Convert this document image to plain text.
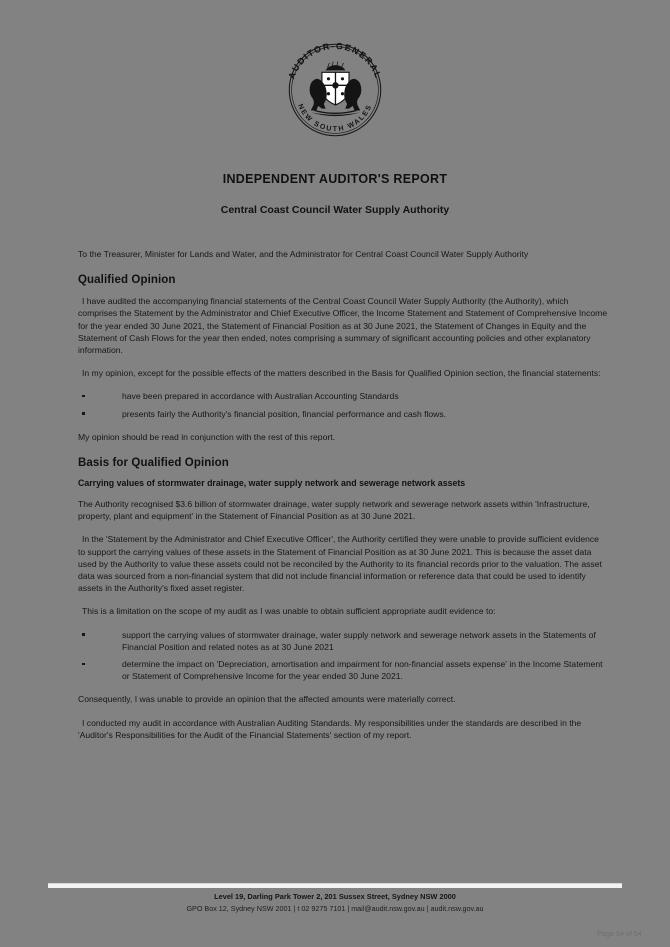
AUDITOR-GENERAL
NEW SOUTH WALES
INDEPENDENT AUDITOR'S REPORT
Central Coast Council Water Supply Authority

To the Treasurer, Minister for Lands and Water, and the Administrator for Central Coast Council Water Supply Authority

Qualified Opinion

I have audited the accompanying financial statements of the Central Coast Council Water Supply Authority (the Authority), which comprises the Statement by the Administrator and Chief Executive Officer, the Income Statement and Statement of Comprehensive Income for the year ended 30 June 2021, the Statement of Financial Position as at 30 June 2021, the Statement of Changes in Equity and the Statement of Cash Flows for the year then ended, notes comprising a summary of significant accounting policies and other explanatory information.

In my opinion, except for the possible effects of the matters described in the Basis for Qualified Opinion section, the financial statements:

have been prepared in accordance with Australian Accounting Standards
presents fairly the Authority's financial position, financial performance and cash flows.

My opinion should be read in conjunction with the rest of this report.

Basis for Qualified Opinion
Carrying values of stormwater drainage, water supply network and sewerage network assets

The Authority recognised $3.6 billion of stormwater drainage, water supply network and sewerage network assets within 'Infrastructure, property, plant and equipment' in the Statement of Financial Position as at 30 June 2021.

In the 'Statement by the Administrator and Chief Executive Officer', the Authority certified they were unable to provide sufficient evidence to support the carrying values of these assets in the Statement of Financial Position as at 30 June 2021. This is because the asset data used by the Authority to value these assets could not be reconciled by the Authority to its financial records prior to the valuation. The asset data was sourced from a non-financial system that did not include financial information or reference data that could be used to identify assets in the Authority's fixed asset register.

This is a limitation on the scope of my audit as I was unable to obtain sufficient appropriate audit evidence to:

support the carrying values of stormwater drainage, water supply network and sewerage network assets in the Statements of Financial Position and related notes as at 30 June 2021
determine the impact on 'Depreciation, amortisation and impairment for non-financial assets expense' in the Income Statement or Statement of Comprehensive Income for the year ended 30 June 2021.

Consequently, I was unable to provide an opinion that the affected amounts were materially correct.

I conducted my audit in accordance with Australian Auditing Standards. My responsibilities under the standards are described in the 'Auditor's Responsibilities for the Audit of the Financial Statements' section of my report.

Level 19, Darling Park Tower 2, 201 Sussex Street, Sydney NSW 2000
GPO Box 12, Sydney NSW 2001 | t 02 9275 7101 | mail@audit.nsw.gov.au | audit.nsw.gov.au
Page 54 of 54
